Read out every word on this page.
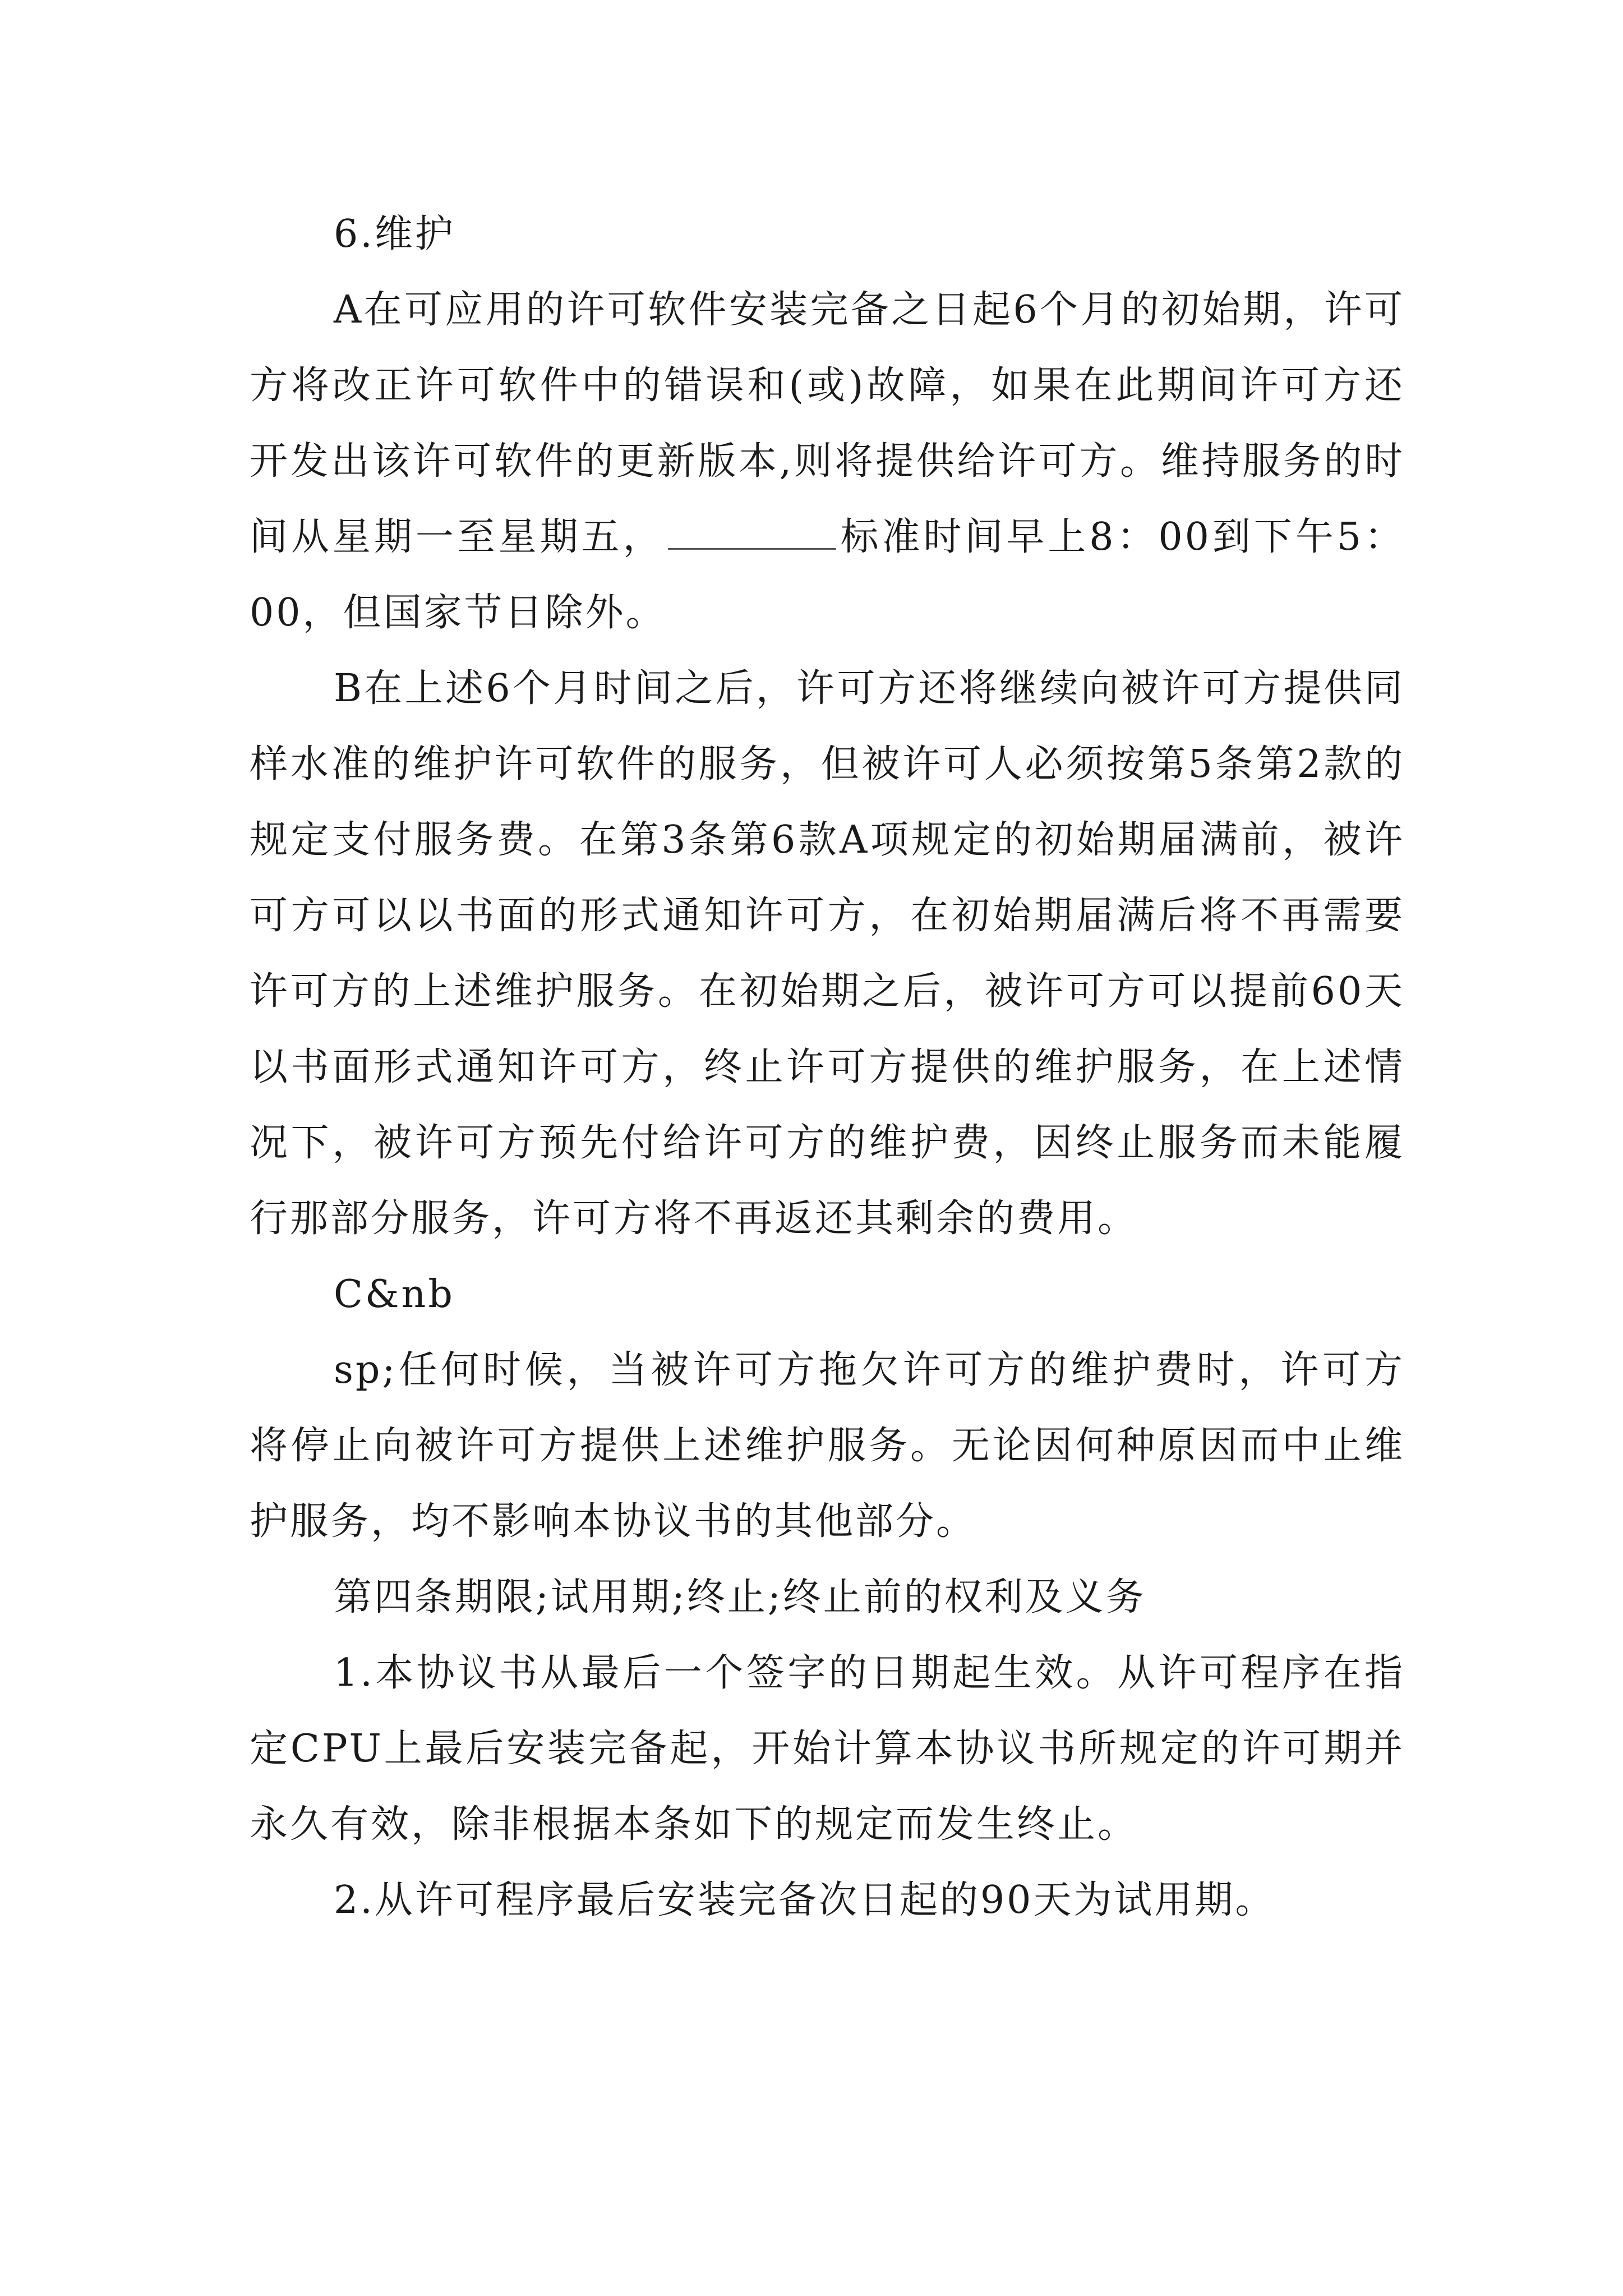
6.维护

A在可应用的许可软件安装完备之日起6个月的初始期，许可方将改正许可软件中的错误和(或)故障，如果在此期间许可方还开发出该许可软件的更新版本,则将提供给许可方。维持服务的时间从星期一至星期五，	标准时间早上8：00到下午5：00，但国家节日除外。

B在上述6个月时间之后，许可方还将继续向被许可方提供同样水准的维护许可软件的服务，但被许可人必须按第5条第2款的规定支付服务费。在第3条第6款A项规定的初始期届满前，被许可方可以以书面的形式通知许可方，在初始期届满后将不再需要许可方的上述维护服务。在初始期之后，被许可方可以提前60天以书面形式通知许可方，终止许可方提供的维护服务，在上述情况下，被许可方预先付给许可方的维护费，因终止服务而未能履行那部分服务，许可方将不再返还其剩余的费用。

C&nb

sp;任何时候，当被许可方拖欠许可方的维护费时，许可方将停止向被许可方提供上述维护服务。无论因何种原因而中止维护服务，均不影响本协议书的其他部分。

第四条期限;试用期;终止;终止前的权利及义务

1.本协议书从最后一个签字的日期起生效。从许可程序在指定CPU上最后安装完备起，开始计算本协议书所规定的许可期并永久有效，除非根据本条如下的规定而发生终止。

2.从许可程序最后安装完备次日起的90天为试用期。
